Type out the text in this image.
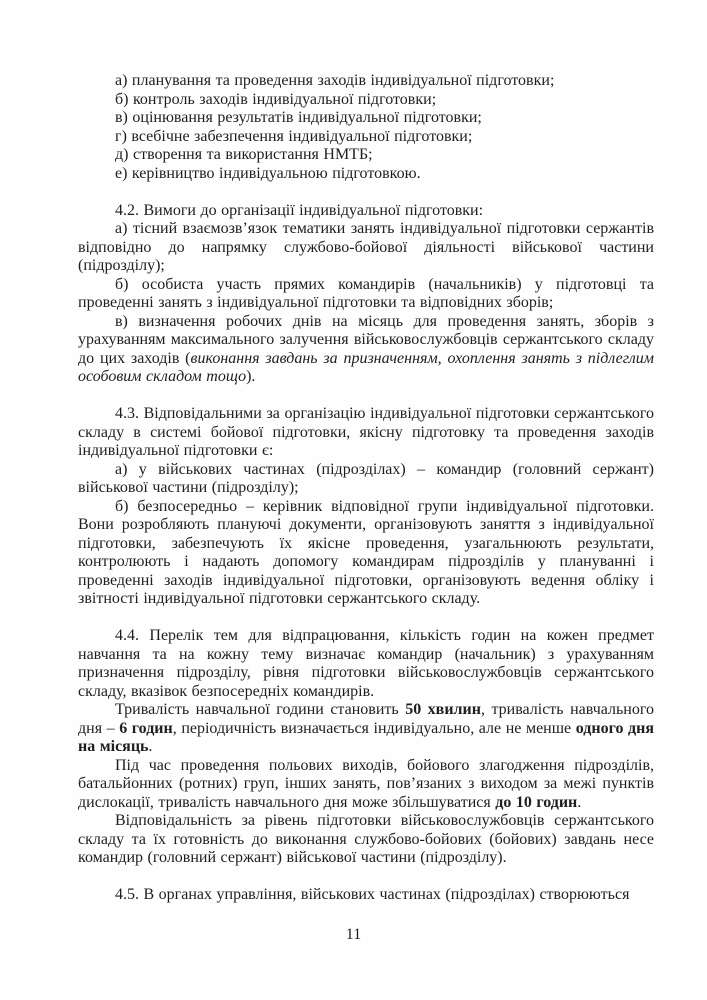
а) планування та проведення заходів індивідуальної підготовки;

б) контроль заходів індивідуальної підготовки;

в) оцінювання результатів індивідуальної підготовки;

г) всебічне забезпечення індивідуальної підготовки;

д) створення та використання НМТБ;

е) керівництво індивідуальною підготовкою.

4.2. Вимоги до організації індивідуальної підготовки:

а) тісний взаємозв’язок тематики занять індивідуальної підготовки сержантів відповідно до напрямку службово-бойової діяльності військової частини (підрозділу);

б) особиста участь прямих командирів (начальників) у підготовці та проведенні занять з індивідуальної підготовки та відповідних зборів;

в) визначення робочих днів на місяць для проведення занять, зборів з урахуванням максимального залучення військовослужбовців сержантського складу до цих заходів (виконання завдань за призначенням, охоплення занять з підлеглим особовим складом тощо).

4.3. Відповідальними за організацію індивідуальної підготовки сержантського складу в системі бойової підготовки, якісну підготовку та проведення заходів індивідуальної підготовки є:

а) у військових частинах (підрозділах) – командир (головний сержант) військової частини (підрозділу);

б) безпосередньо – керівник відповідної групи індивідуальної підготовки. Вони розробляють плануючі документи, організовують заняття з індивідуальної підготовки, забезпечують їх якісне проведення, узагальнюють результати, контролюють і надають допомогу командирам підрозділів у плануванні і проведенні заходів індивідуальної підготовки, організовують ведення обліку і звітності індивідуальної підготовки сержантського складу.

4.4. Перелік тем для відпрацювання, кількість годин на кожен предмет навчання та на кожну тему визначає командир (начальник) з урахуванням призначення підрозділу, рівня підготовки військовослужбовців сержантського складу, вказівок безпосередніх командирів.

Тривалість навчальної години становить 50 хвилин, тривалість навчального дня – 6 годин, періодичність визначається індивідуально, але не менше одного дня на місяць.

Під час проведення польових виходів, бойового злагодження підрозділів, батальйонних (ротних) груп, інших занять, пов’язаних з виходом за межі пунктів дислокації, тривалість навчального дня може збільшуватися до 10 годин.

Відповідальність за рівень підготовки військовослужбовців сержантського складу та їх готовність до виконання службово-бойових (бойових) завдань несе командир (головний сержант) військової частини (підрозділу).

4.5. В органах управління, військових частинах (підрозділах) створюються

11
